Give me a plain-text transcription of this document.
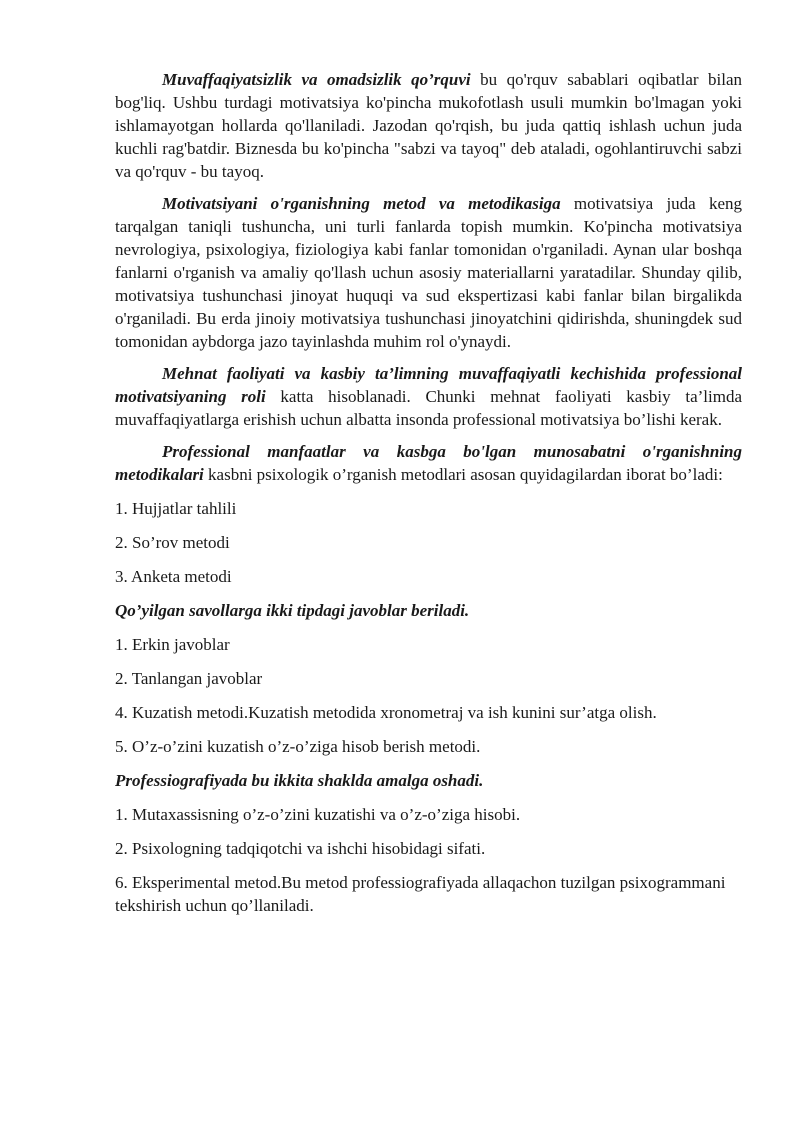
Muvaffaqiyatsizlik va omadsizlik qo’rquvi bu qo'rquv sabablari oqibatlar bilan bog'liq. Ushbu turdagi motivatsiya ko'pincha mukofotlash usuli mumkin bo'lmagan yoki ishlamayotgan hollarda qo'llaniladi. Jazodan qo'rqish, bu juda qattiq ishlash uchun juda kuchli rag'batdir. Biznesda bu ko'pincha "sabzi va tayoq" deb ataladi, ogohlantiruvchi sabzi va qo'rquv - bu tayoq.

Motivatsiyani o'rganishning metod va metodikasiga motivatsiya juda keng tarqalgan taniqli tushuncha, uni turli fanlarda topish mumkin. Ko'pincha motivatsiya nevrologiya, psixologiya, fiziologiya kabi fanlar tomonidan o'rganiladi. Aynan ular boshqa fanlarni o'rganish va amaliy qo'llash uchun asosiy materiallarni yaratadilar. Shunday qilib, motivatsiya tushunchasi jinoyat huquqi va sud ekspertizasi kabi fanlar bilan birgalikda o'rganiladi. Bu erda jinoiy motivatsiya tushunchasi jinoyatchini qidirishda, shuningdek sud tomonidan aybdorga jazo tayinlashda muhim rol o'ynaydi.

Mehnat faoliyati va kasbiy ta’limning muvaffaqiyatli kechishida professional motivatsiyaning roli katta hisoblanadi. Chunki mehnat faoliyati kasbiy ta’limda muvaffaqiyatlarga erishish uchun albatta insonda professional motivatsiya bo’lishi kerak.

Professional manfaatlar va kasbga bo'lgan munosabatni o'rganishning metodikalari kasbni psixologik o’rganish metodlari asosan quyidagilardan iborat bo’ladi:

1. Hujjatlar tahlili
2. So’rov metodi
3. Anketa metodi
Qo’yilgan savollarga ikki tipdagi javoblar beriladi.
1. Erkin javoblar
2. Tanlangan javoblar
4. Kuzatish metodi.Kuzatish metodida xronometraj va ish kunini sur’atga olish.
5. O’z-o’zini kuzatish o’z-o’ziga hisob berish metodi.
Professiografiyada bu ikkita shaklda amalga oshadi.
1. Mutaxassisning o’z-o’zini kuzatishi va o’z-o’ziga hisobi.
2. Psixologning tadqiqotchi va ishchi hisobidagi sifati.
6. Eksperimental metod.Bu metod professiografiyada allaqachon tuzilgan psixogrammani tekshirish uchun qo’llaniladi.
